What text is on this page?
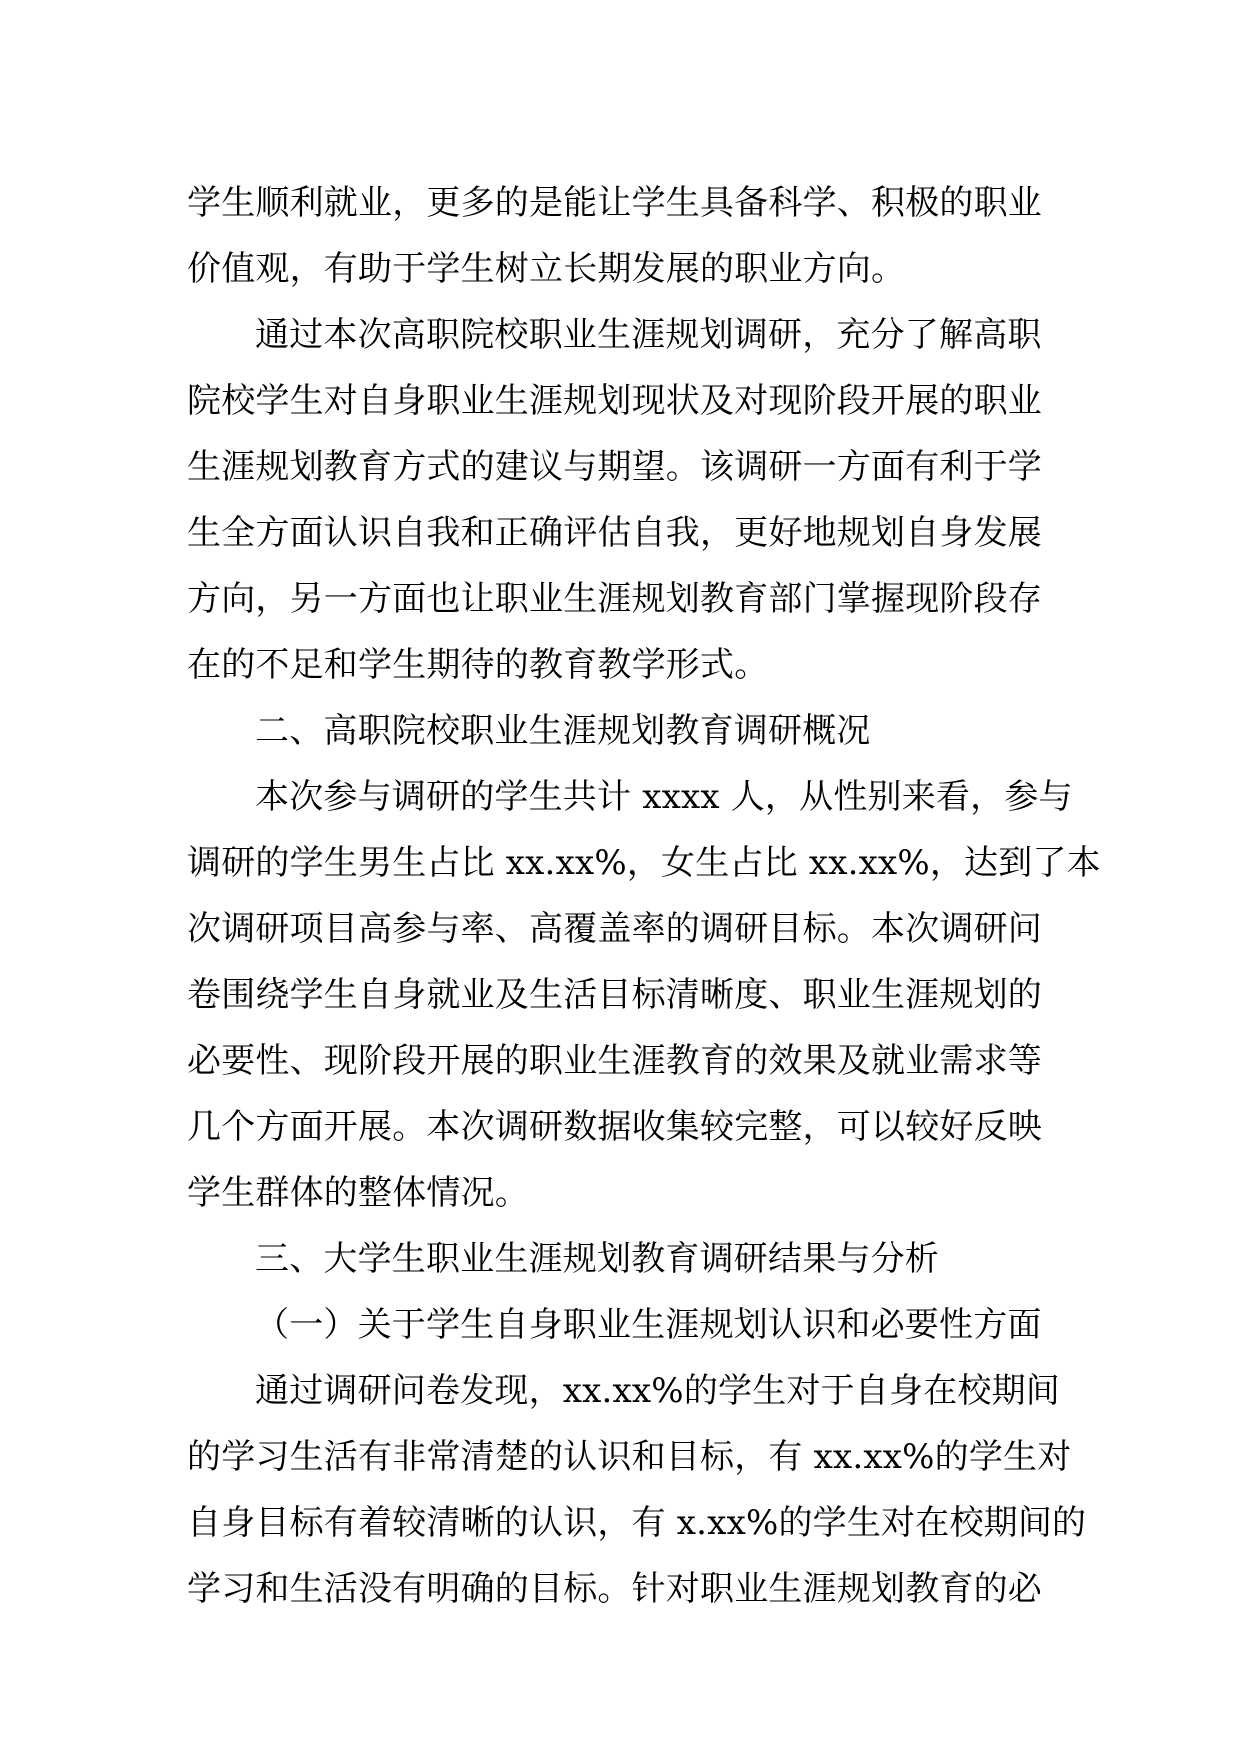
学生顺利就业，更多的是能让学生具备科学、积极的职业
价值观，有助于学生树立长期发展的职业方向。
通过本次高职院校职业生涯规划调研，充分了解高职
院校学生对自身职业生涯规划现状及对现阶段开展的职业
生涯规划教育方式的建议与期望。该调研一方面有利于学
生全方面认识自我和正确评估自我，更好地规划自身发展
方向，另一方面也让职业生涯规划教育部门掌握现阶段存
在的不足和学生期待的教育教学形式。
二、高职院校职业生涯规划教育调研概况
本次参与调研的学生共计 xxxx 人，从性别来看，参与
调研的学生男生占比 xx.xx%，女生占比 xx.xx%，达到了本
次调研项目高参与率、高覆盖率的调研目标。本次调研问
卷围绕学生自身就业及生活目标清晰度、职业生涯规划的
必要性、现阶段开展的职业生涯教育的效果及就业需求等
几个方面开展。本次调研数据收集较完整，可以较好反映
学生群体的整体情况。
三、大学生职业生涯规划教育调研结果与分析
（一）关于学生自身职业生涯规划认识和必要性方面
通过调研问卷发现，xx.xx%的学生对于自身在校期间
的学习生活有非常清楚的认识和目标，有 xx.xx%的学生对
自身目标有着较清晰的认识，有 x.xx%的学生对在校期间的
学习和生活没有明确的目标。针对职业生涯规划教育的必
